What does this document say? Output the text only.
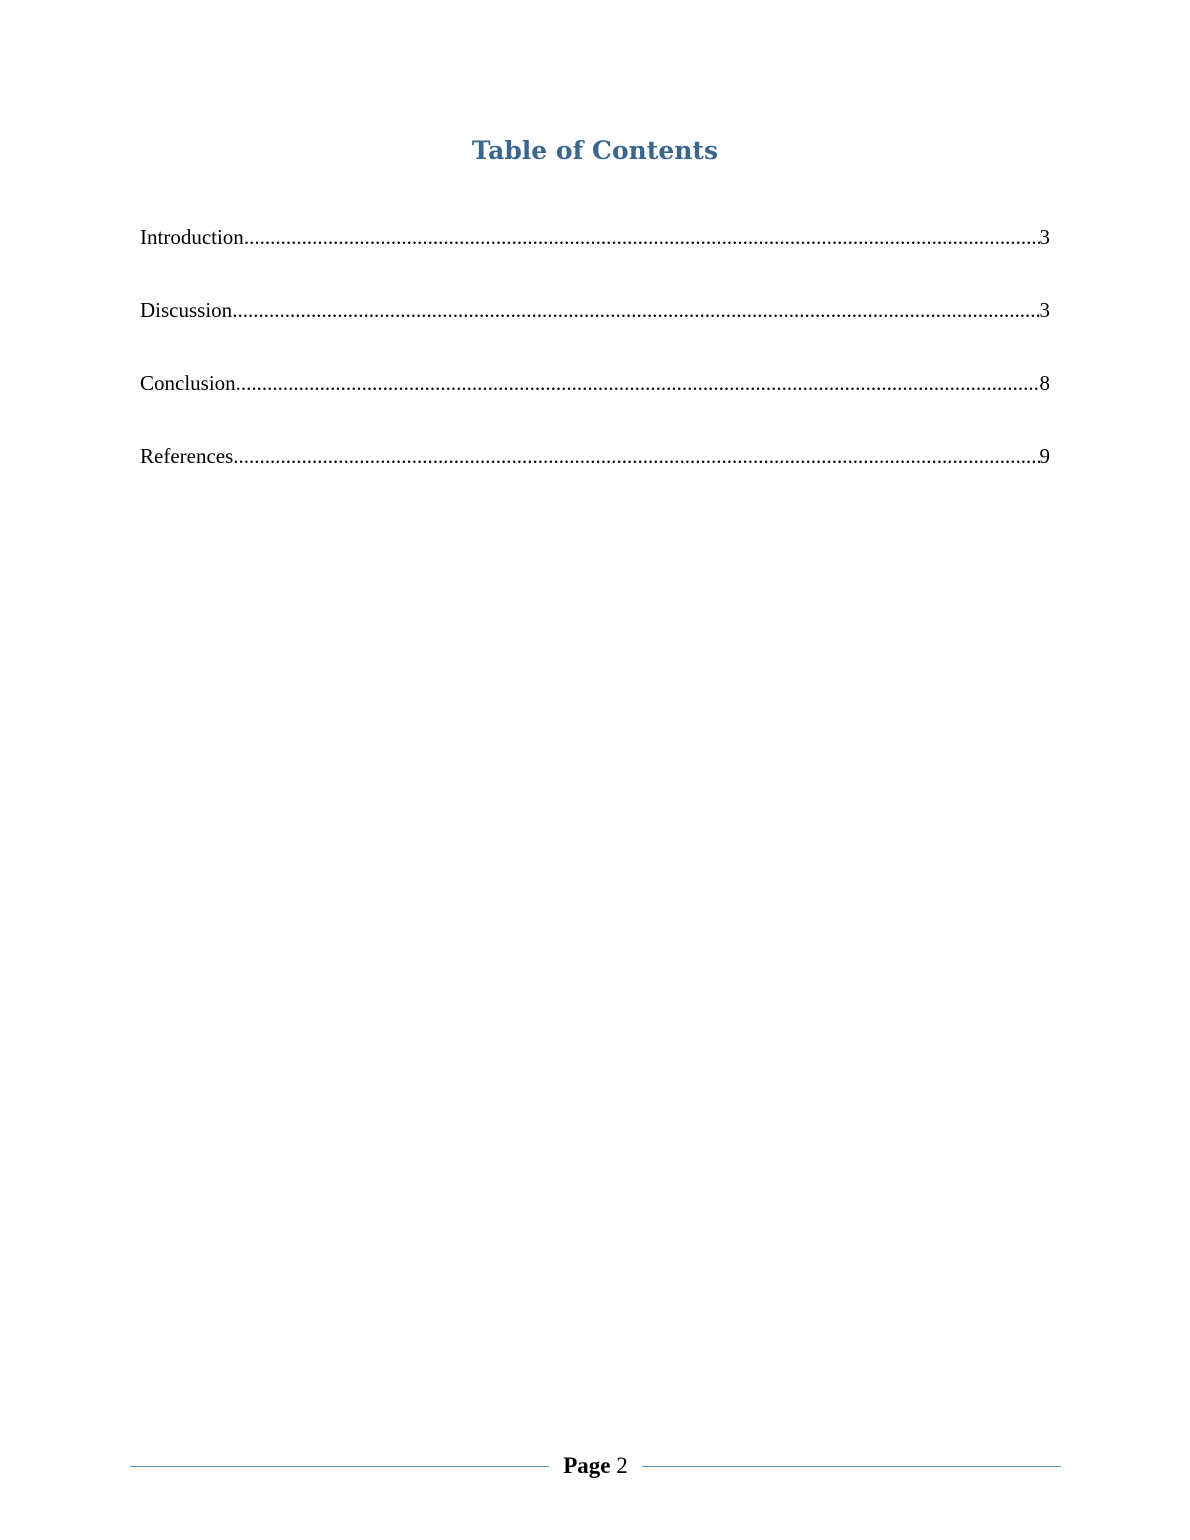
Table of Contents
Introduction .....	3
Discussion .....	3
Conclusion .....	8
References .....	9
Page 2
